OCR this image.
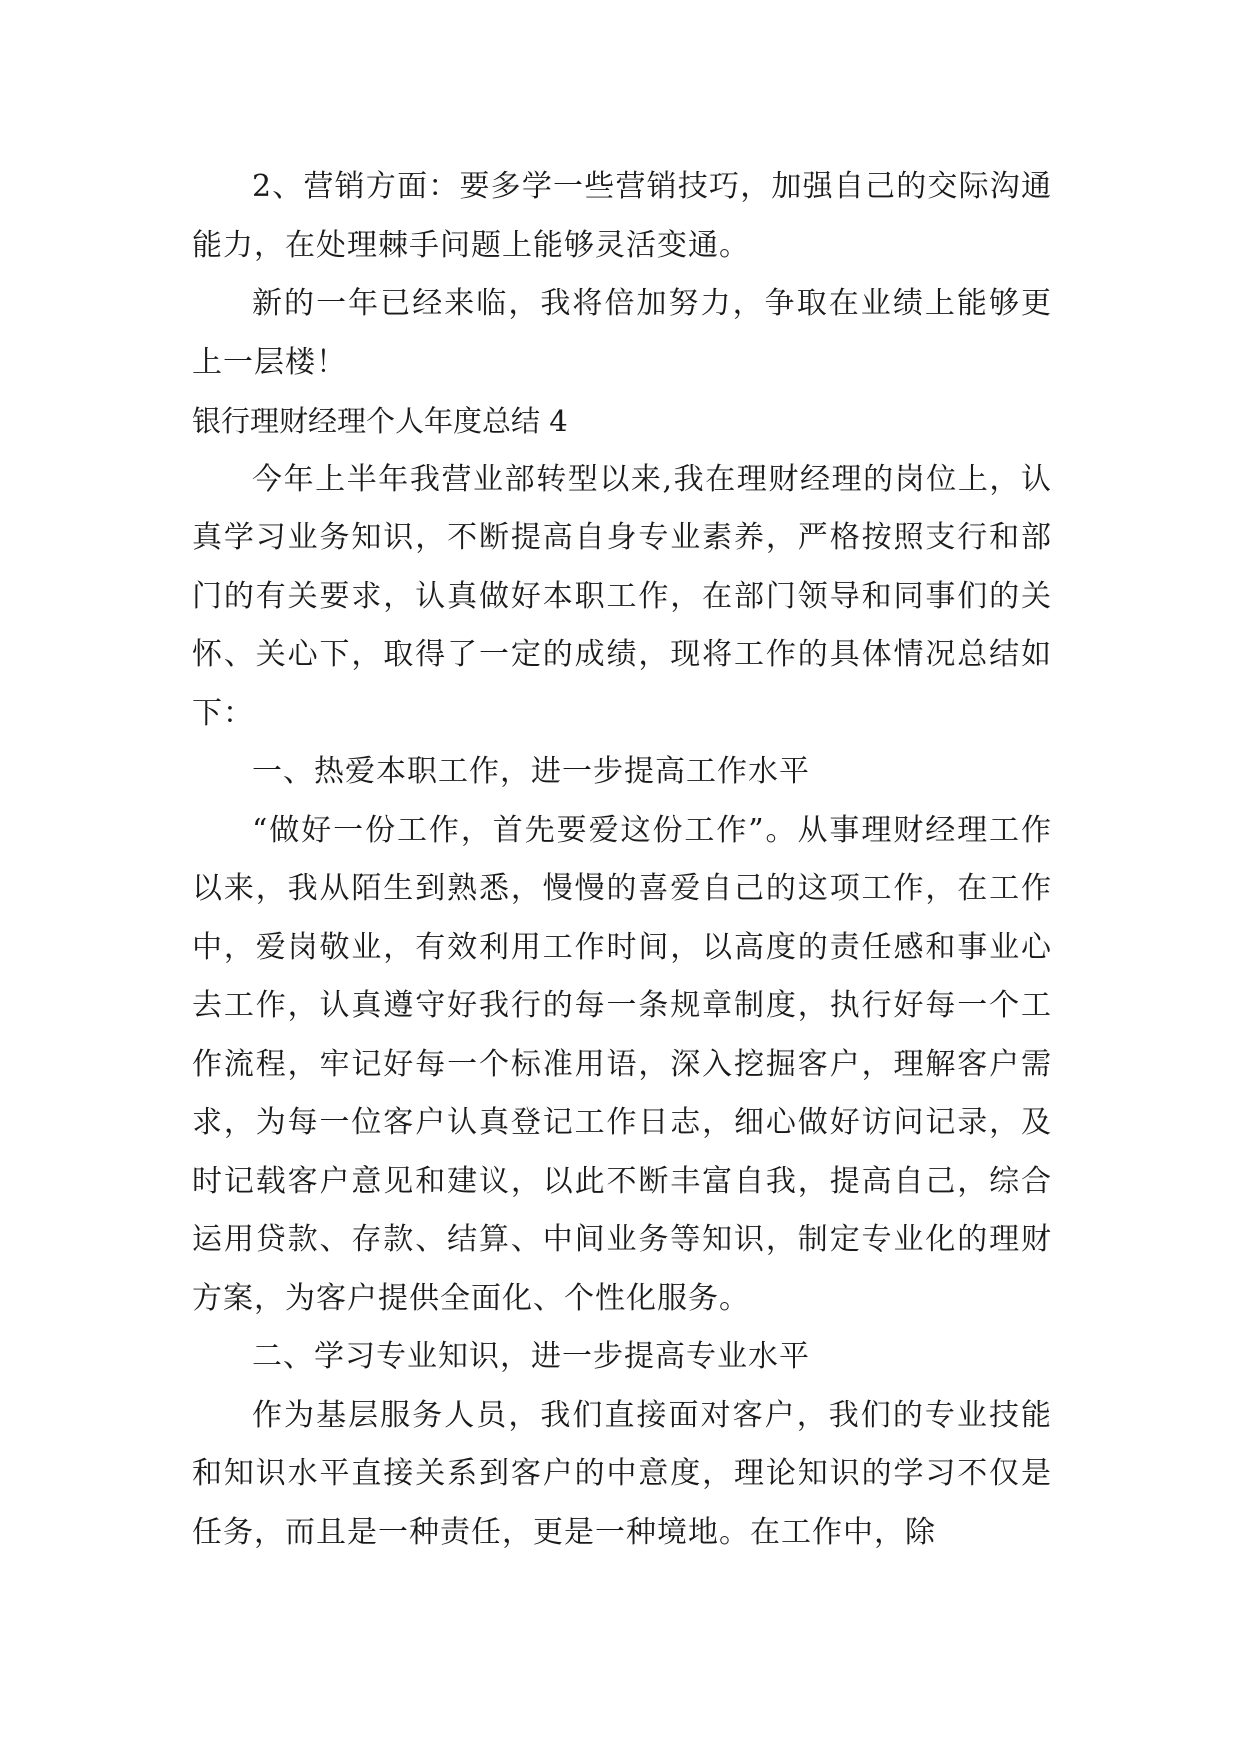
2、营销方面：要多学一些营销技巧，加强自己的交际沟通能力，在处理棘手问题上能够灵活变通。

新的一年已经来临，我将倍加努力，争取在业绩上能够更上一层楼！

银行理财经理个人年度总结 4

今年上半年我营业部转型以来,我在理财经理的岗位上，认真学习业务知识，不断提高自身专业素养，严格按照支行和部门的有关要求，认真做好本职工作，在部门领导和同事们的关怀、关心下，取得了一定的成绩，现将工作的具体情况总结如下：

一、热爱本职工作，进一步提高工作水平

“做好一份工作，首先要爱这份工作”。从事理财经理工作以来，我从陌生到熟悉，慢慢的喜爱自己的这项工作，在工作中，爱岗敬业，有效利用工作时间，以高度的责任感和事业心去工作，认真遵守好我行的每一条规章制度，执行好每一个工作流程，牢记好每一个标准用语，深入挖掘客户，理解客户需求，为每一位客户认真登记工作日志，细心做好访问记录，及时记载客户意见和建议，以此不断丰富自我，提高自己，综合运用贷款、存款、结算、中间业务等知识，制定专业化的理财方案，为客户提供全面化、个性化服务。

二、学习专业知识，进一步提高专业水平

作为基层服务人员，我们直接面对客户，我们的专业技能和知识水平直接关系到客户的中意度，理论知识的学习不仅是任务，而且是一种责任，更是一种境地。在工作中，除
